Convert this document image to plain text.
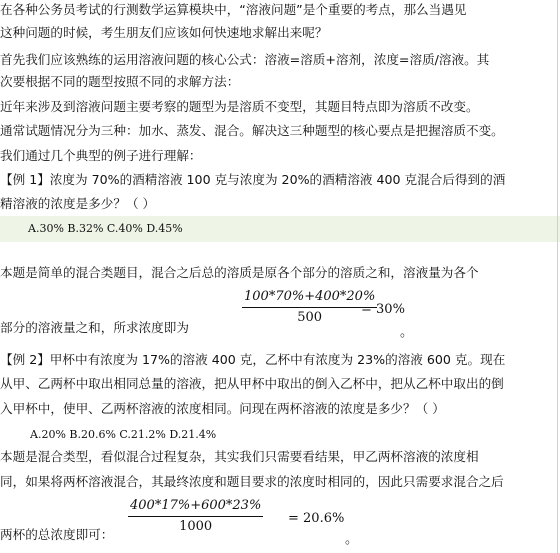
在各种公务员考试的行测数学运算模块中，“溶液问题”是个重要的考点，那么当遇见
这种问题的时候，考生朋友们应该如何快速地求解出来呢？
首先我们应该熟练的运用溶液问题的核心公式：溶液=溶质+溶剂，浓度=溶质/溶液。其
次要根据不同的题型按照不同的求解方法：
近年来涉及到溶液问题主要考察的题型为是溶质不变型，其题目特点即为溶质不改变。
通常试题情况分为三种：加水、蒸发、混合。解决这三种题型的核心要点是把握溶质不变。
我们通过几个典型的例子进行理解：
【例 1】浓度为 70%的酒精溶液 100 克与浓度为 20%的酒精溶液 400 克混合后得到的酒
精溶液的浓度是多少？（ ）
A.30% B.32% C.40% D.45%
本题是简单的混合类题目，混合之后总的溶质是原各个部分的溶质之和，溶液量为各个
100*70%+400*20%
500
= 30%
部分的溶液量之和，所求浓度即为	。
【例 2】甲杯中有浓度为 17%的溶液 400 克，乙杯中有浓度为 23%的溶液 600 克。现在
从甲、乙两杯中取出相同总量的溶液，把从甲杯中取出的倒入乙杯中，把从乙杯中取出的倒
入甲杯中，使甲、乙两杯溶液的浓度相同。问现在两杯溶液的浓度是多少？（ ）
A.20% B.20.6% C.21.2% D.21.4%
本题是混合类型，看似混合过程复杂，其实我们只需要看结果，甲乙两杯溶液的浓度相
同，如果将两杯溶液混合，其最终浓度和题目要求的浓度时相同的，因此只需要求混合之后
400*17%+600*23%
1000
= 20.6%
两杯的总浓度即可：	。
